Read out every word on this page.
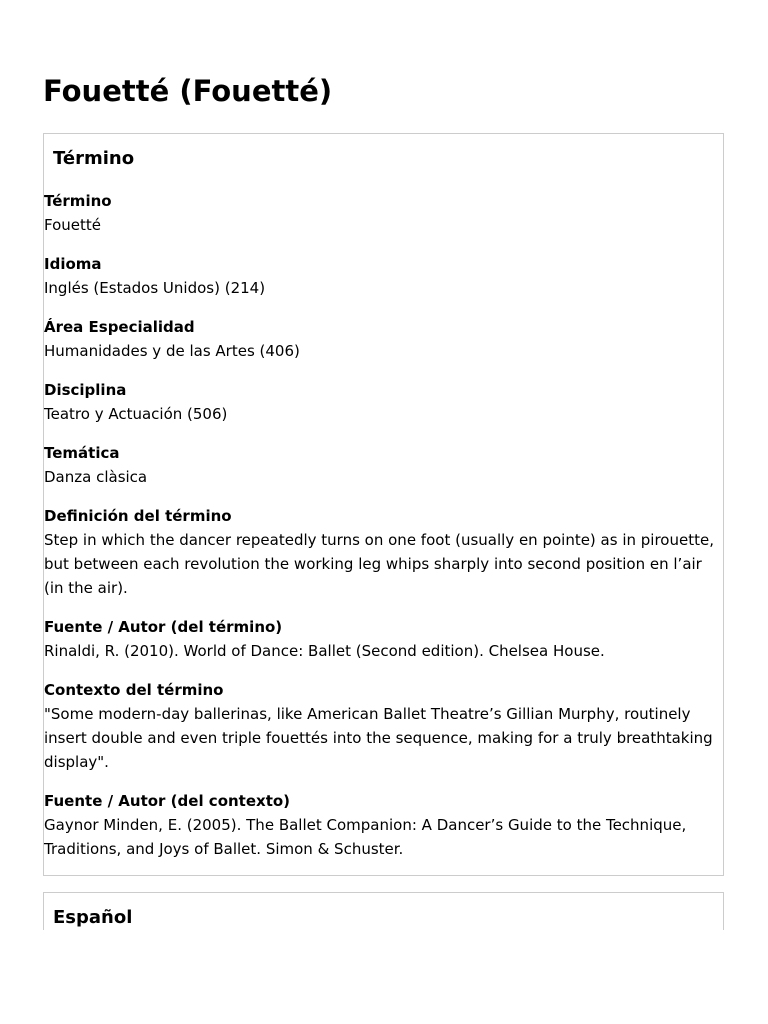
Fouetté (Fouetté)
Término
Término
Fouetté
Idioma
Inglés (Estados Unidos) (214)
Área Especialidad
Humanidades y de las Artes (406)
Disciplina
Teatro y Actuación (506)
Temática
Danza clàsica
Definición del término
Step in which the dancer repeatedly turns on one foot (usually en pointe) as in pirouette, but between each revolution the working leg whips sharply into second position en l’air (in the air).
Fuente / Autor (del término)
Rinaldi, R. (2010). World of Dance: Ballet (Second edition). Chelsea House.
Contexto del término
"Some modern-day ballerinas, like American Ballet Theatre’s Gillian Murphy, routinely insert double and even triple fouettés into the sequence, making for a truly breathtaking display".
Fuente / Autor (del contexto)
Gaynor Minden, E. (2005). The Ballet Companion: A Dancer’s Guide to the Technique, Traditions, and Joys of Ballet. Simon & Schuster.
Español
